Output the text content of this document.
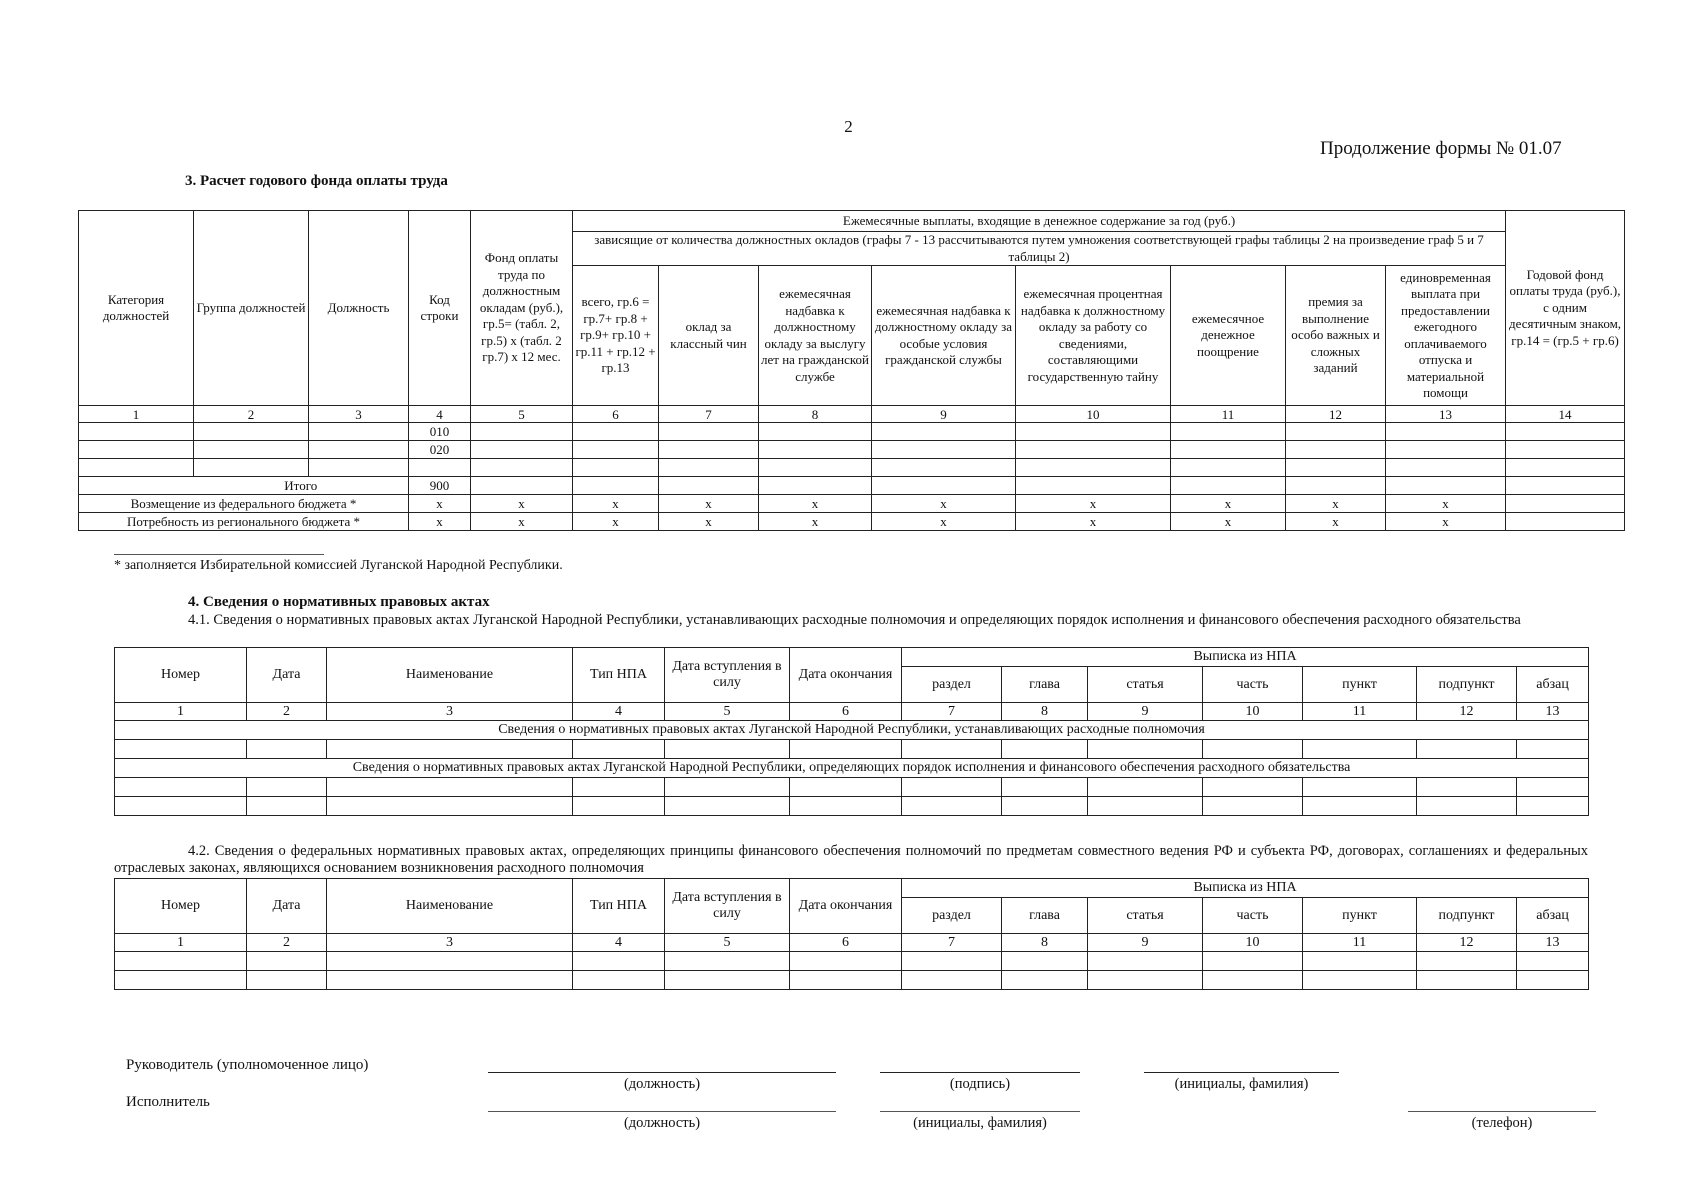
2
Продолжение формы № 01.07
3. Расчет годового фонда оплаты труда
Категория должностей	Группа должностей	Должность	Код строки	Фонд оплаты труда по должностным окладам (руб.), гр.5= (табл. 2, гр.5) x (табл. 2 гр.7) x 12 мес.	Ежемесячные выплаты, входящие в денежное содержание за год (руб.)								Годовой фонд оплаты труда (руб.), с одним десятичным знаком, гр.14 = (гр.5 + гр.6)
					зависящие от количества должностных окладов (графы 7 - 13 рассчитываются путем умножения соответствующей графы таблицы 2 на произведение граф 5 и 7 таблицы 2)								
					всего, гр.6 = гр.7+ гр.8 + гр.9+ гр.10 + гр.11 + гр.12 + гр.13	оклад за классный чин	ежемесячная надбавка к должностному окладу за выслугу лет на гражданской службе	ежемесячная надбавка к должностному окладу за особые условия гражданской службы	ежемесячная процентная надбавка к должностному окладу за работу со сведениями, составляющими государственную тайну	ежемесячное денежное поощрение	премия за выполнение особо важных и сложных заданий	единовременная выплата при предоставлении ежегодного оплачиваемого отпуска и материальной помощи	
1	2	3	4	5	6	7	8	9	10	11	12	13	14
			010										
			020										

	Итого		900										
Возмещение из федерального бюджета *			x	x	x	x	x	x	x	x	x	x	
Потребность из регионального бюджета *			x	x	x	x	x	x	x	x	x	x	
* заполняется Избирательной комиссией Луганской Народной Республики.
4. Сведения о нормативных правовых актах
4.1. Сведения о нормативных правовых актах Луганской Народной Республики, устанавливающих расходные полномочия и определяющих порядок исполнения и финансового обеспечения расходного обязательства
Номер	Дата	Наименование	Тип НПА	Дата вступления в силу	Дата окончания	Выписка из НПА						
						раздел	глава	статья	часть	пункт	подпункт	абзац
1	2	3	4	5	6	7	8	9	10	11	12	13
Сведения о нормативных правовых актах Луганской Народной Республики, устанавливающих расходные полномочия												

Сведения о нормативных правовых актах Луганской Народной Республики, определяющих порядок исполнения и финансового обеспечения расходного обязательства												

4.2. Сведения о федеральных нормативных правовых актах, определяющих принципы финансового обеспечения полномочий по предметам совместного ведения РФ и субъекта РФ, договорах, соглашениях и федеральных отраслевых законах, являющихся основанием возникновения расходного полномочия
Номер	Дата	Наименование	Тип НПА	Дата вступления в силу	Дата окончания	Выписка из НПА						
						раздел	глава	статья	часть	пункт	подпункт	абзац
1	2	3	4	5	6	7	8	9	10	11	12	13

Руководитель (уполномоченное лицо)
(должность)	(подпись)	(инициалы, фамилия)
Исполнитель
(должность)	(инициалы, фамилия)	(телефон)
